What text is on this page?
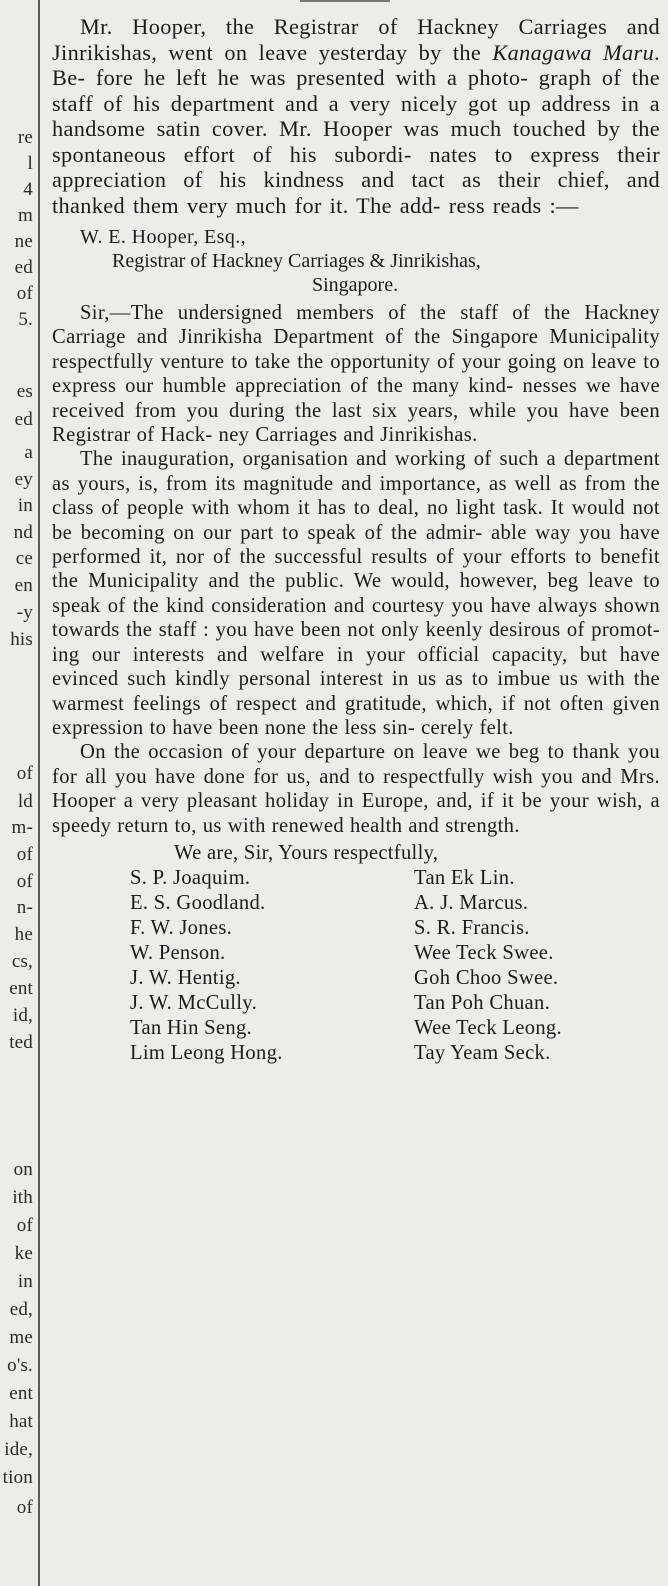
re
l
4
m
ne
ed
of
5.
es
ed
a
ey
in
nd
ce
en
-y
his
of
ld
m-
of
of
n-
he
cs,
ent
id,
ted
on
ith
of
ke
in
ed,
me
o's.
ent
hat
ide,
tion
of

Mr. Hooper, the Registrar of Hackney Carriages and Jinrikishas, went on leave yesterday by the Kanagawa Maru. Be- fore he left he was presented with a photo- graph of the staff of his department and a very nicely got up address in a handsome satin cover. Mr. Hooper was much touched by the spontaneous effort of his subordi- nates to express their appreciation of his kindness and tact as their chief, and thanked them very much for it. The add- ress reads :—

W. E. Hooper, Esq.,
Registrar of Hackney Carriages & Jinrikishas,
Singapore.

Sir,—The undersigned members of the staff of the Hackney Carriage and Jinrikisha Department of the Singapore Municipality respectfully venture to take the opportunity of your going on leave to express our humble appreciation of the many kind- nesses we have received from you during the last six years, while you have been Registrar of Hack- ney Carriages and Jinrikishas.

The inauguration, organisation and working of such a department as yours, is, from its magnitude and importance, as well as from the class of people with whom it has to deal, no light task. It would not be becoming on our part to speak of the admir- able way you have performed it, nor of the successful results of your efforts to benefit the Municipality and the public. We would, however, beg leave to speak of the kind consideration and courtesy you have always shown towards the staff : you have been not only keenly desirous of promot- ing our interests and welfare in your official capacity, but have evinced such kindly personal interest in us as to imbue us with the warmest feelings of respect and gratitude, which, if not often given expression to have been none the less sin- cerely felt.

On the occasion of your departure on leave we beg to thank you for all you have done for us, and to respectfully wish you and Mrs. Hooper a very pleasant holiday in Europe, and, if it be your wish, a speedy return to, us with renewed health and strength.

We are, Sir, Yours respectfully,
S. P. Joaquim.
E. S. Goodland.
F. W. Jones.
W. Penson.
J. W. Hentig.
J. W. McCully.
Tan Hin Seng.
Lim Leong Hong.
Tan Ek Lin.
A. J. Marcus.
S. R. Francis.
Wee Teck Swee.
Goh Choo Swee.
Tan Poh Chuan.
Wee Teck Leong.
Tay Yeam Seck.
